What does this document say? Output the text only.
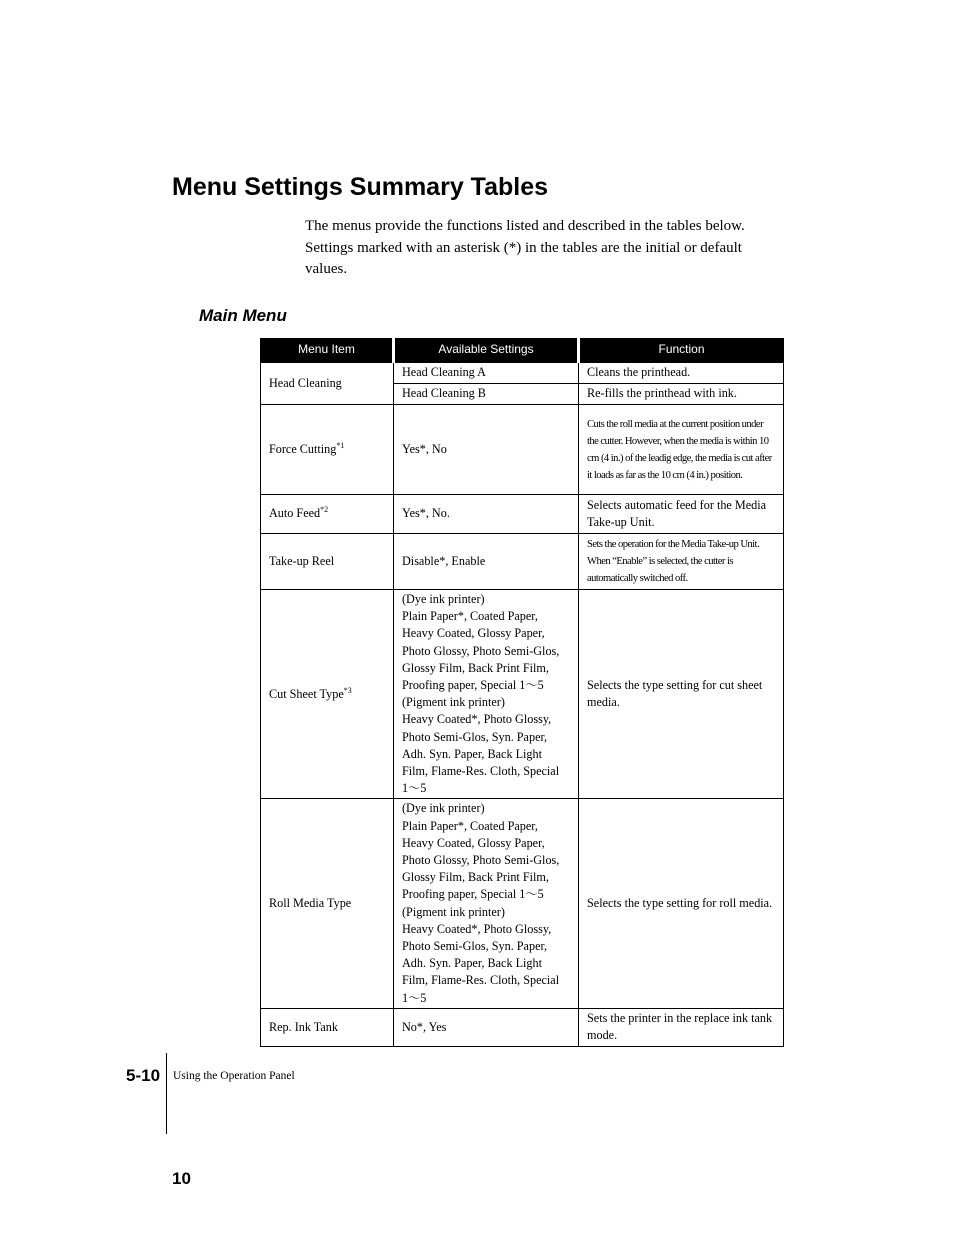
Menu Settings Summary Tables

The menus provide the functions listed and described in the tables below. Settings marked with an asterisk (*) in the tables are the initial or default values.

Main Menu
Menu Item	Available Settings	Function
Head Cleaning	Head Cleaning A	Cleans the printhead.
	Head Cleaning B	Re-fills the printhead with ink.
Force Cutting$^{*1}$	Yes*, No	Cuts the roll media at the current position under the cutter. However, when the media is within 10 cm (4 in.) of the leadig edge, the media is cut after it loads as far as the 10 cm (4 in.) position.
Auto Feed$^{*2}$	Yes*, No.	Selects automatic feed for the Media Take-up Unit.
Take-up Reel	Disable*, Enable	Sets the operation for the Media Take-up Unit. When “Enable” is selected, the cutter is automatically switched off.
Cut Sheet Type$^{*3}$	(Dye ink printer)
Plain Paper*, Coated Paper, Heavy Coated, Glossy Paper, Photo Glossy, Photo Semi-Glos, Glossy Film, Back Print Film, Proofing paper, Special 1〜5
(Pigment ink printer)
Heavy Coated*, Photo Glossy, Photo Semi-Glos, Syn. Paper, Adh. Syn. Paper, Back Light Film, Flame-Res. Cloth, Special 1〜5	Selects the type setting for cut sheet media.
Roll Media Type	(Dye ink printer)
Plain Paper*, Coated Paper, Heavy Coated, Glossy Paper, Photo Glossy, Photo Semi-Glos, Glossy Film, Back Print Film, Proofing paper, Special 1〜5
(Pigment ink printer)
Heavy Coated*, Photo Glossy, Photo Semi-Glos, Syn. Paper, Adh. Syn. Paper, Back Light Film, Flame-Res. Cloth, Special 1〜5	Selects the type setting for roll media.
Rep. Ink Tank	No*, Yes	Sets the printer in the replace ink tank mode.

5-10 Using the Operation Panel

10
